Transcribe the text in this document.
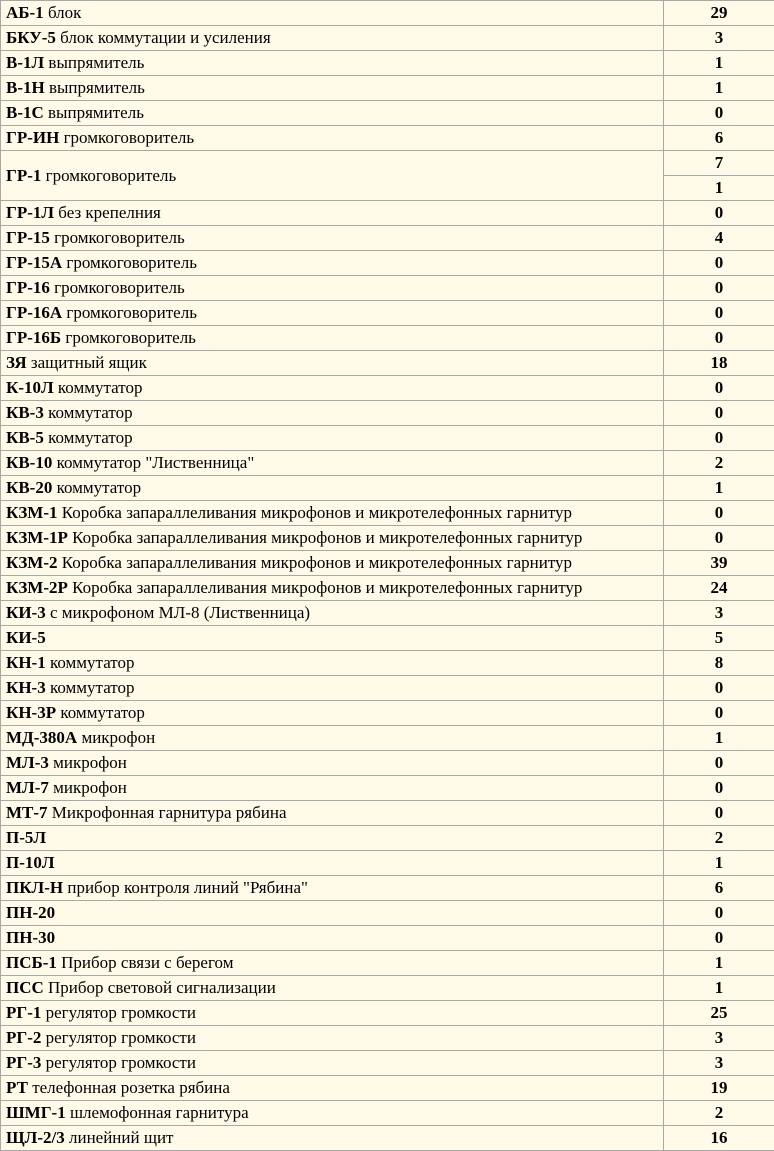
АБ-1 блок	29
БКУ-5 блок коммутации и усиления	3
В-1Л выпрямитель	1
В-1Н выпрямитель	1
В-1С выпрямитель	0
ГР-ИН громкоговоритель	6
ГР-1 громкоговоритель	7
	1
ГР-1Л без крепелния	0
ГР-15 громкоговоритель	4
ГР-15А громкоговоритель	0
ГР-16 громкоговоритель	0
ГР-16А громкоговоритель	0
ГР-16Б громкоговоритель	0
ЗЯ защитный ящик	18
К-10Л коммутатор	0
КВ-3 коммутатор	0
КВ-5 коммутатор	0
КВ-10 коммутатор "Лиственница"	2
КВ-20 коммутатор	1
КЗМ-1 Коробка запараллеливания микрофонов и микротелефонных гарнитур	0
КЗМ-1Р Коробка запараллеливания микрофонов и микротелефонных гарнитур	0
КЗМ-2 Коробка запараллеливания микрофонов и микротелефонных гарнитур	39
КЗМ-2Р Коробка запараллеливания микрофонов и микротелефонных гарнитур	24
КИ-3 с микрофоном МЛ-8 (Лиственница)	3
КИ-5	5
КН-1 коммутатор	8
КН-3 коммутатор	0
КН-3Р коммутатор	0
МД-380А микрофон	1
МЛ-3 микрофон	0
МЛ-7 микрофон	0
МТ-7 Микрофонная гарнитура рябина	0
П-5Л	2
П-10Л	1
ПКЛ-Н прибор контроля линий "Рябина"	6
ПН-20	0
ПН-30	0
ПСБ-1 Прибор связи с берегом	1
ПСС Прибор световой сигнализации	1
РГ-1 регулятор громкости	25
РГ-2 регулятор громкости	3
РГ-3 регулятор громкости	3
РТ телефонная розетка рябина	19
ШМГ-1 шлемофонная гарнитура	2
ЩЛ-2/3 линейний щит	16
